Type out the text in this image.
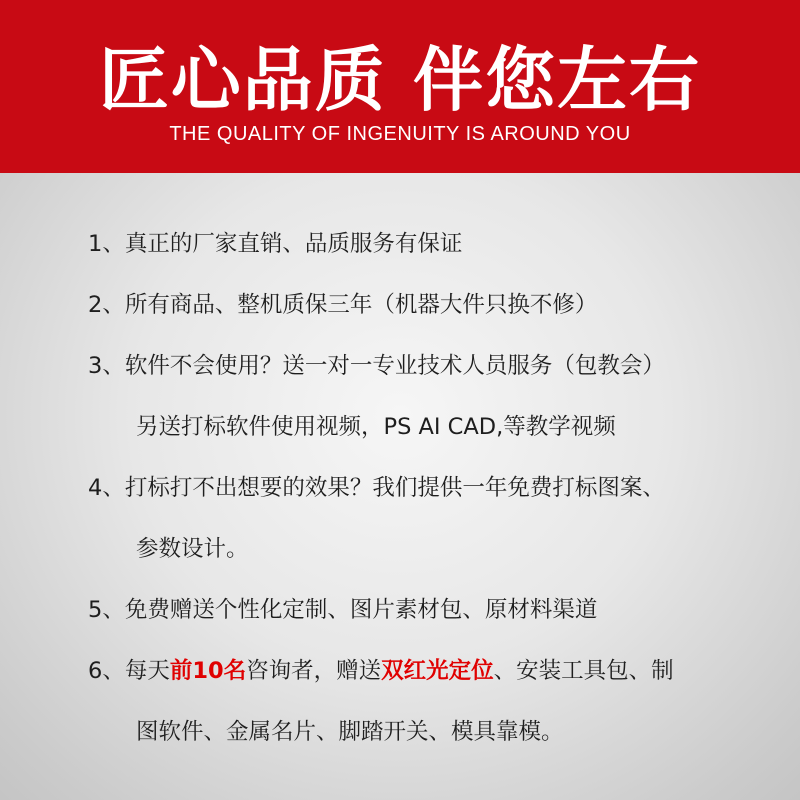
匠心品质 伴您左右
THE QUALITY OF INGENUITY IS AROUND YOU
1、真正的厂家直销、品质服务有保证
2、所有商品、整机质保三年（机器大件只换不修）
3、软件不会使用？送一对一专业技术人员服务（包教会）
另送打标软件使用视频，PS AI CAD,等教学视频
4、打标打不出想要的效果？我们提供一年免费打标图案、
参数设计。
5、免费赠送个性化定制、图片素材包、原材料渠道
6、每天前10名咨询者，赠送双红光定位、安装工具包、制
图软件、金属名片、脚踏开关、模具靠模。
